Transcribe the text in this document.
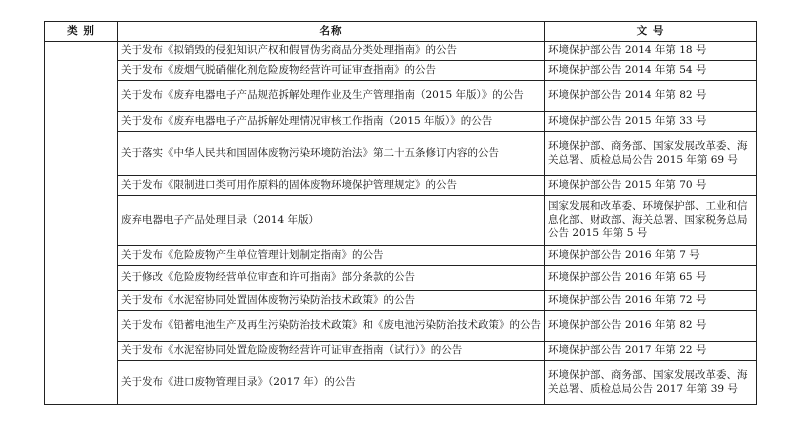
类 别	名称	文 号
	关于发布《拟销毁的侵犯知识产权和假冒伪劣商品分类处理指南》的公告	环境保护部公告 2014 年第 18 号
	关于发布《废烟气脱硝催化剂危险废物经营许可证审查指南》的公告	环境保护部公告 2014 年第 54 号
	关于发布《废弃电器电子产品规范拆解处理作业及生产管理指南（2015 年版）》的公告	环境保护部公告 2014 年第 82 号
	关于发布《废弃电器电子产品拆解处理情况审核工作指南（2015 年版）》的公告	环境保护部公告 2015 年第 33 号
	关于落实《中华人民共和国固体废物污染环境防治法》第二十五条修订内容的公告	环境保护部、商务部、国家发展改革委、海关总署、质检总局公告 2015 年第 69 号
	关于发布《限制进口类可用作原料的固体废物环境保护管理规定》的公告	环境保护部公告 2015 年第 70 号
	废弃电器电子产品处理目录（2014 年版）	国家发展和改革委、环境保护部、工业和信息化部、财政部、海关总署、国家税务总局公告 2015 年第 5 号
	关于发布《危险废物产生单位管理计划制定指南》的公告	环境保护部公告 2016 年第 7 号
	关于修改《危险废物经营单位审查和许可指南》部分条款的公告	环境保护部公告 2016 年第 65 号
	关于发布《水泥窑协同处置固体废物污染防治技术政策》的公告	环境保护部公告 2016 年第 72 号
	关于发布《铅蓄电池生产及再生污染防治技术政策》和《废电池污染防治技术政策》的公告	环境保护部公告 2016 年第 82 号
	关于发布《水泥窑协同处置危险废物经营许可证审查指南（试行）》的公告	环境保护部公告 2017 年第 22 号
	关于发布《进口废物管理目录》（2017 年）的公告	环境保护部、商务部、国家发展改革委、海关总署、质检总局公告 2017 年第 39 号
